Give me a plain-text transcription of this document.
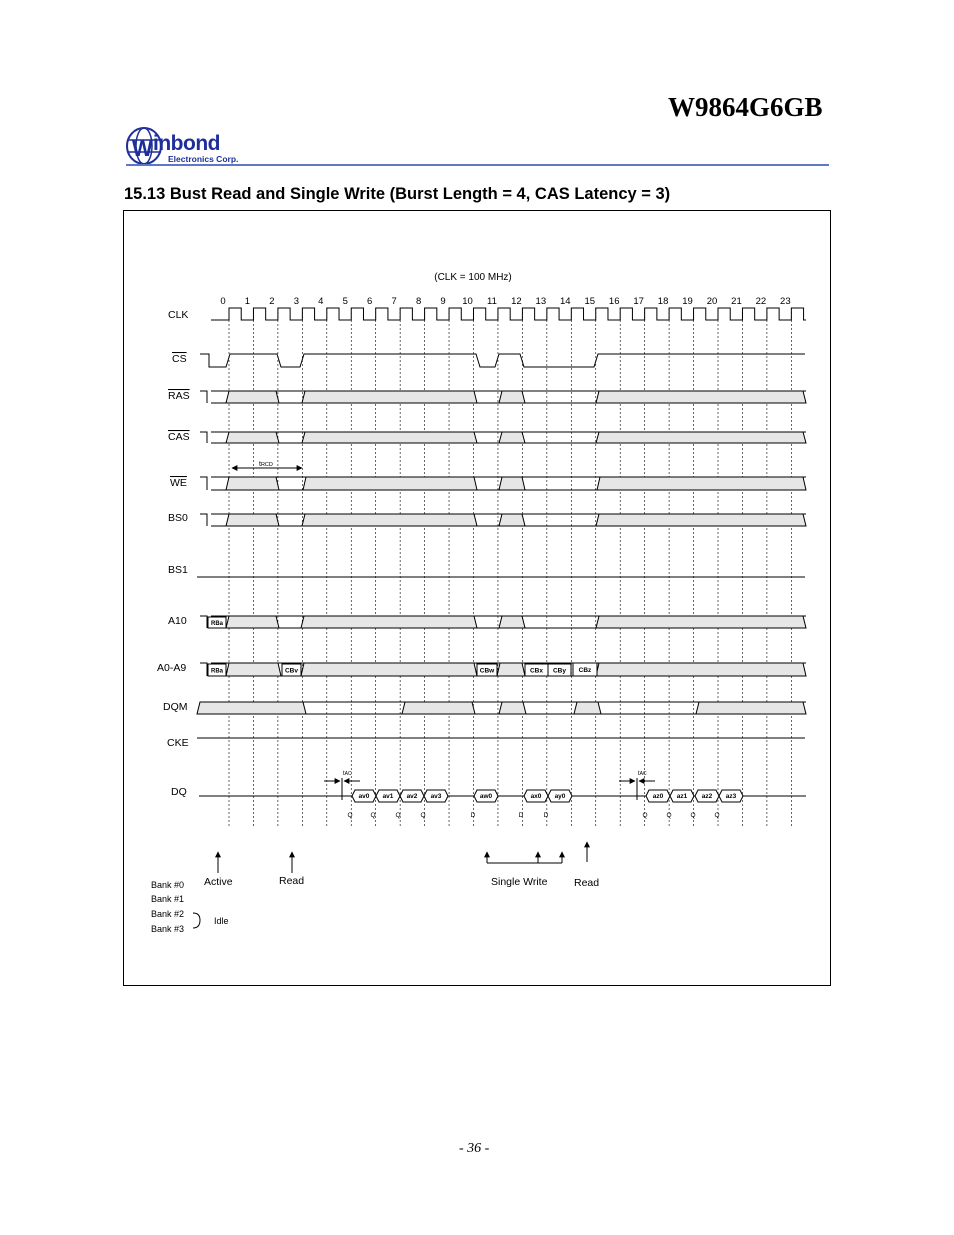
W9864G6GB
W inbond
Electronics Corp.
15.13 Bust Read and Single Write (Burst Length = 4, CAS Latency = 3)
(CLK = 100 MHz)
0 1 2 3 4 5 6 7 8 9 10 11 12 13 14 15 16 17 18 19 20 21 22 23
CLK
CS
RAS
CAS
WE
BS0
BS1
A10
A0-A9
DQM
CKE
DQ
RBa
RBa	CBv	CBw	CBx CBy CBz
tRCD
av0 av1 av2 av3	aw0	ax0 ay0	az0 az1 az2 az3
Q	Q	Q	Q	Q	Q	Q	Q
D	D	D
tAC	tAC
Active	Read	Single Write	Read
Bank #0
Bank #1
Bank #2
Bank #3
Idle
- 36 -
